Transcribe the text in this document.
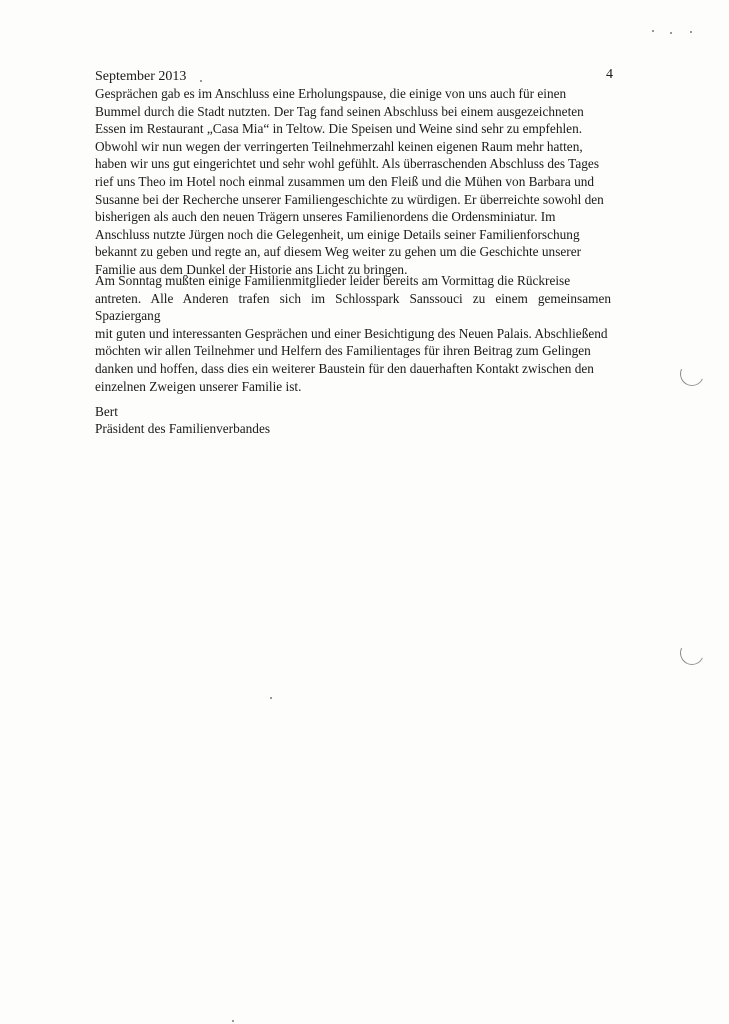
September 2013	4

Gesprächen gab es im Anschluss eine Erholungspause, die einige von uns auch für einen
Bummel durch die Stadt nutzten. Der Tag fand seinen Abschluss bei einem ausgezeichneten
Essen im Restaurant „Casa Mia“ in Teltow. Die Speisen und Weine sind sehr zu empfehlen.
Obwohl wir nun wegen der verringerten Teilnehmerzahl keinen eigenen Raum mehr hatten,
haben wir uns gut eingerichtet und sehr wohl gefühlt. Als überraschenden Abschluss des Tages
rief uns Theo im Hotel noch einmal zusammen um den Fleiß und die Mühen von Barbara und
Susanne bei der Recherche unserer Familiengeschichte zu würdigen. Er überreichte sowohl den
bisherigen als auch den neuen Trägern unseres Familienordens die Ordensminiatur. Im
Anschluss nutzte Jürgen noch die Gelegenheit, um einige Details seiner Familienforschung
bekannt zu geben und regte an, auf diesem Weg weiter zu gehen um die Geschichte unserer
Familie aus dem Dunkel der Historie ans Licht zu bringen.

Am Sonntag mußten einige Familienmitglieder leider bereits am Vormittag die Rückreise
antreten. Alle Anderen trafen sich im Schlosspark Sanssouci zu einem gemeinsamen Spaziergang
mit guten und interessanten Gesprächen und einer Besichtigung des Neuen Palais. Abschließend
möchten wir allen Teilnehmer und Helfern des Familientages für ihren Beitrag zum Gelingen
danken und hoffen, dass dies ein weiterer Baustein für den dauerhaften Kontakt zwischen den
einzelnen Zweigen unserer Familie ist.

Bert
Präsident des Familienverbandes
